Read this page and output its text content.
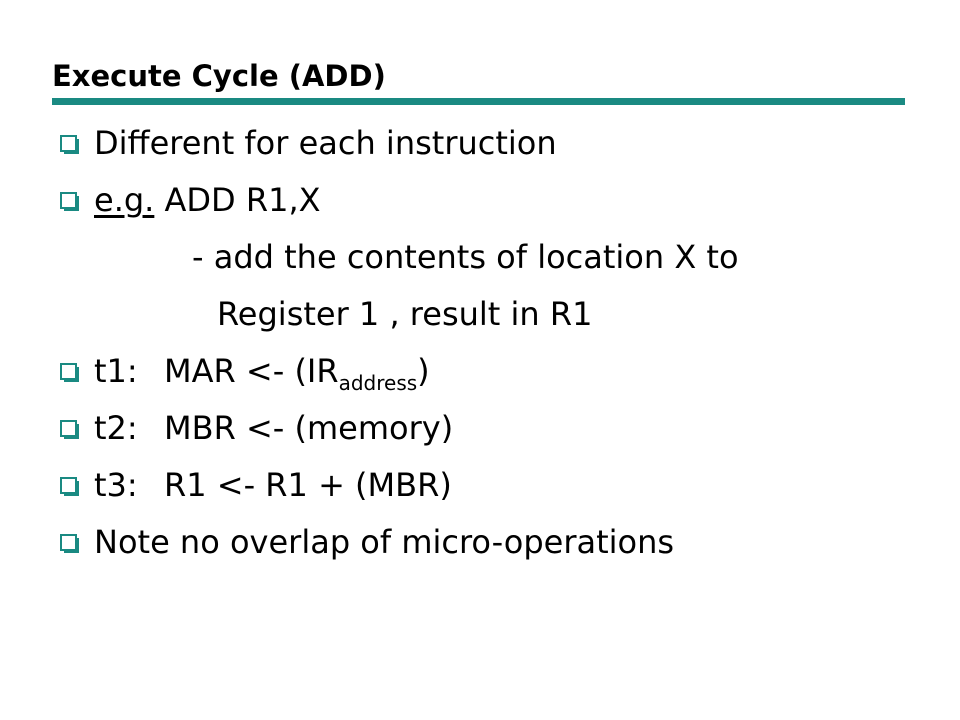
Execute Cycle (ADD)
Different for each instruction
e.g. ADD R1,X
- add the contents of location X to
Register 1 , result in R1
t1: MAR <- $(IR_{address})$
t2: MBR <- (memory)
t3: R1 <- R1 + (MBR)
Note no overlap of micro-operations
